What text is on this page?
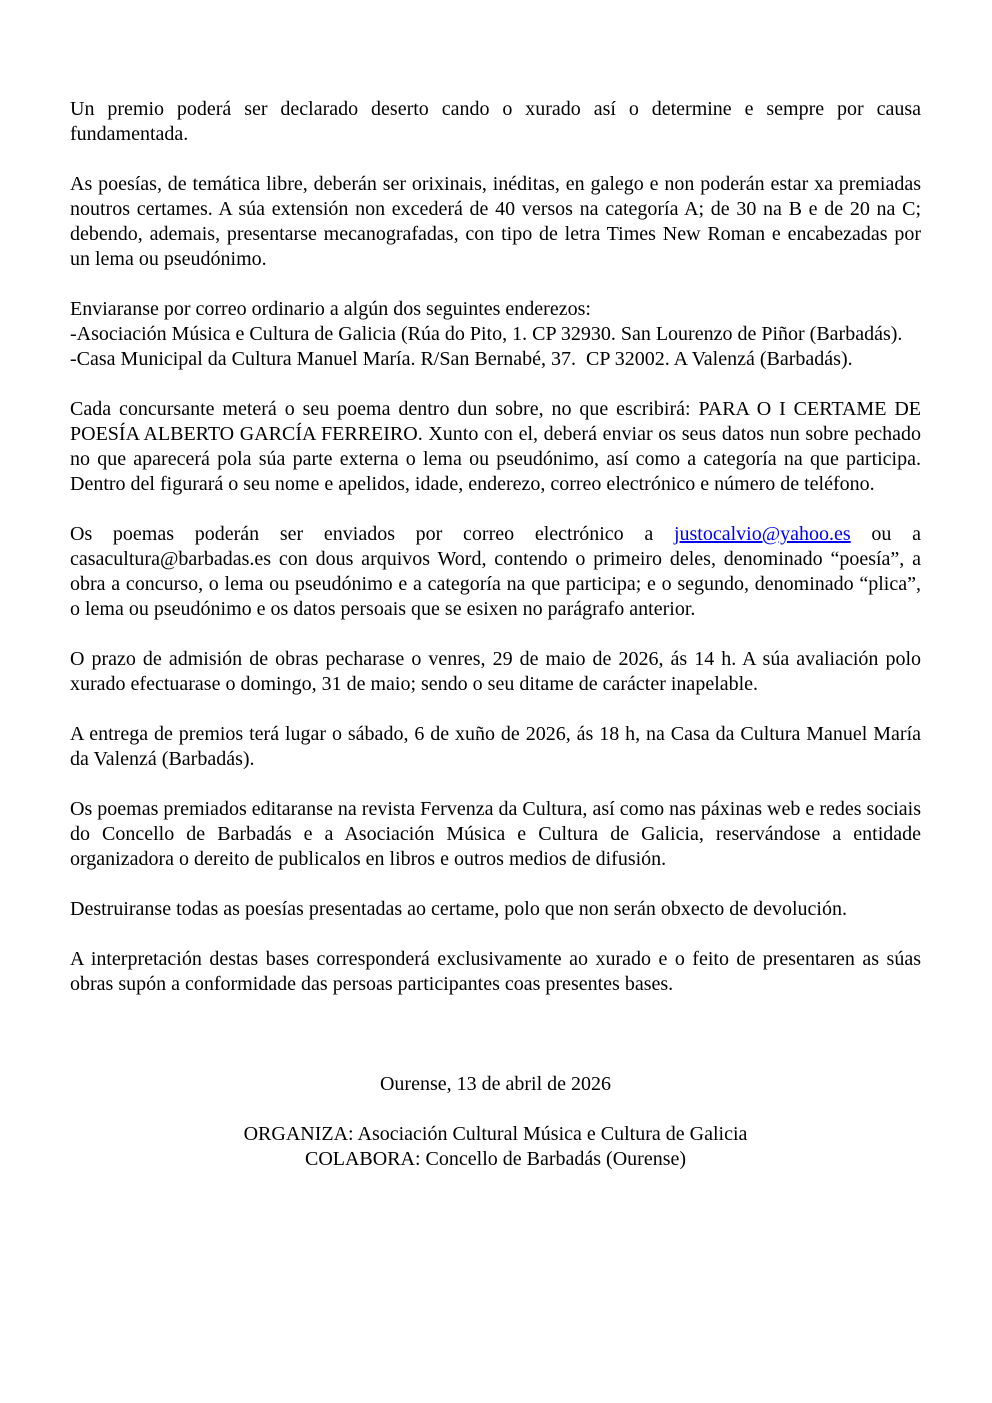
Un premio poderá ser declarado deserto cando o xurado así o determine e sempre por causa fundamentada.

As poesías, de temática libre, deberán ser orixinais, inéditas, en galego e non poderán estar xa premiadas noutros certames. A súa extensión non excederá de 40 versos na categoría A; de 30 na B e de 20 na C; debendo, ademais, presentarse mecanografadas, con tipo de letra Times New Roman e encabezadas por un lema ou pseudónimo.

Enviaranse por correo ordinario a algún dos seguintes enderezos:

-Asociación Música e Cultura de Galicia (Rúa do Pito, 1. CP 32930. San Lourenzo de Piñor (Barbadás).

-Casa Municipal da Cultura Manuel María. R/San Bernabé, 37.  CP 32002. A Valenzá (Barbadás).

Cada concursante meterá o seu poema dentro dun sobre, no que escribirá: PARA O I CERTAME DE POESÍA ALBERTO GARCÍA FERREIRO. Xunto con el, deberá enviar os seus datos nun sobre pechado no que aparecerá pola súa parte externa o lema ou pseudónimo, así como a categoría na que participa. Dentro del figurará o seu nome e apelidos, idade, enderezo, correo electrónico e número de teléfono.

Os poemas poderán ser enviados por correo electrónico a justocalvio@yahoo.es ou a casacultura@barbadas.es con dous arquivos Word, contendo o primeiro deles, denominado “poesía”, a obra a concurso, o lema ou pseudónimo e a categoría na que participa; e o segundo, denominado “plica”, o lema ou pseudónimo e os datos persoais que se esixen no parágrafo anterior.

O prazo de admisión de obras pecharase o venres, 29 de maio de 2026, ás 14 h. A súa avaliación polo xurado efectuarase o domingo, 31 de maio; sendo o seu ditame de carácter inapelable.

A entrega de premios terá lugar o sábado, 6 de xuño de 2026, ás 18 h, na Casa da Cultura Manuel María da Valenzá (Barbadás).

Os poemas premiados editaranse na revista Fervenza da Cultura, así como nas páxinas web e redes sociais do Concello de Barbadás e a Asociación Música e Cultura de Galicia, reservándose a entidade organizadora o dereito de publicalos en libros e outros medios de difusión.

Destruiranse todas as poesías presentadas ao certame, polo que non serán obxecto de devolución.

A interpretación destas bases corresponderá exclusivamente ao xurado e o feito de presentaren as súas obras supón a conformidade das persoas participantes coas presentes bases.

Ourense, 13 de abril de 2026

ORGANIZA: Asociación Cultural Música e Cultura de Galicia

COLABORA: Concello de Barbadás (Ourense)
